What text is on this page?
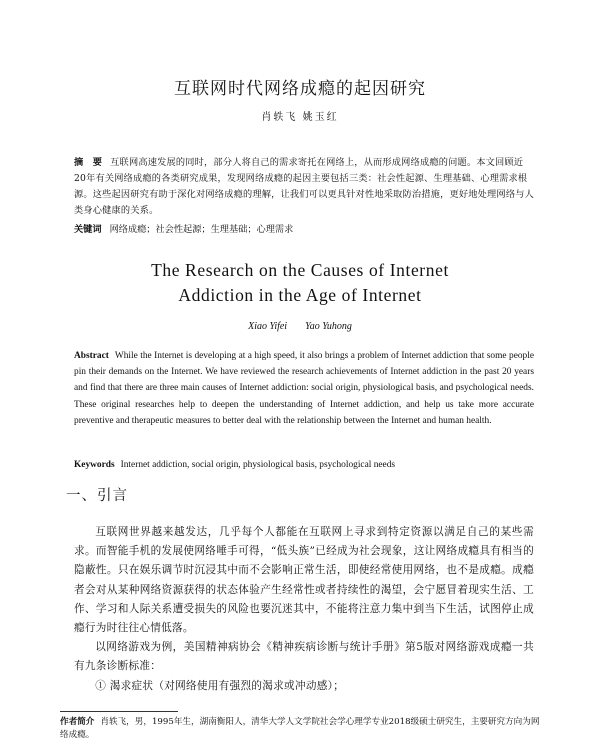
互联网时代网络成瘾的起因研究
肖轶飞 姚玉红
摘　要 互联网高速发展的同时，部分人将自己的需求寄托在网络上，从而形成网络成瘾的问题。本文回顾近20年有关网络成瘾的各类研究成果，发现网络成瘾的起因主要包括三类：社会性起源、生理基础、心理需求根源。这些起因研究有助于深化对网络成瘾的理解，让我们可以更具针对性地采取防治措施，更好地处理网络与人类身心健康的关系。
关键词 网络成瘾；社会性起源；生理基础；心理需求
The Research on the Causes of Internet
Addiction in the Age of Internet
Xiao Yifei Yao Yuhong
Abstract While the Internet is developing at a high speed, it also brings a problem of Internet addiction that some people pin their demands on the Internet. We have reviewed the research achievements of Internet addiction in the past 20 years and find that there are three main causes of Internet addiction: social origin, physiological basis, and psychological needs. These original researches help to deepen the understanding of Internet addiction, and help us take more accurate preventive and therapeutic measures to better deal with the relationship between the Internet and human health.
Keywords Internet addiction, social origin, physiological basis, psychological needs
一、引言

互联网世界越来越发达，几乎每个人都能在互联网上寻求到特定资源以满足自己的某些需求。而智能手机的发展使网络唾手可得，“低头族”已经成为社会现象，这让网络成瘾具有相当的隐蔽性。只在娱乐调节时沉浸其中而不会影响正常生活，即使经常使用网络，也不是成瘾。成瘾者会对从某种网络资源获得的状态体验产生经常性或者持续性的渴望，会宁愿冒着现实生活、工作、学习和人际关系遭受损失的风险也要沉迷其中，不能将注意力集中到当下生活，试图停止成瘾行为时往往心情低落。

以网络游戏为例，美国精神病协会《精神疾病诊断与统计手册》第5版对网络游戏成瘾一共有九条诊断标准：

① 渴求症状（对网络使用有强烈的渴求或冲动感）；

作者简介 肖轶飞，男，1995年生，湖南衡阳人，清华大学人文学院社会学心理学专业2018级硕士研究生，主要研究方向为网络成瘾。
